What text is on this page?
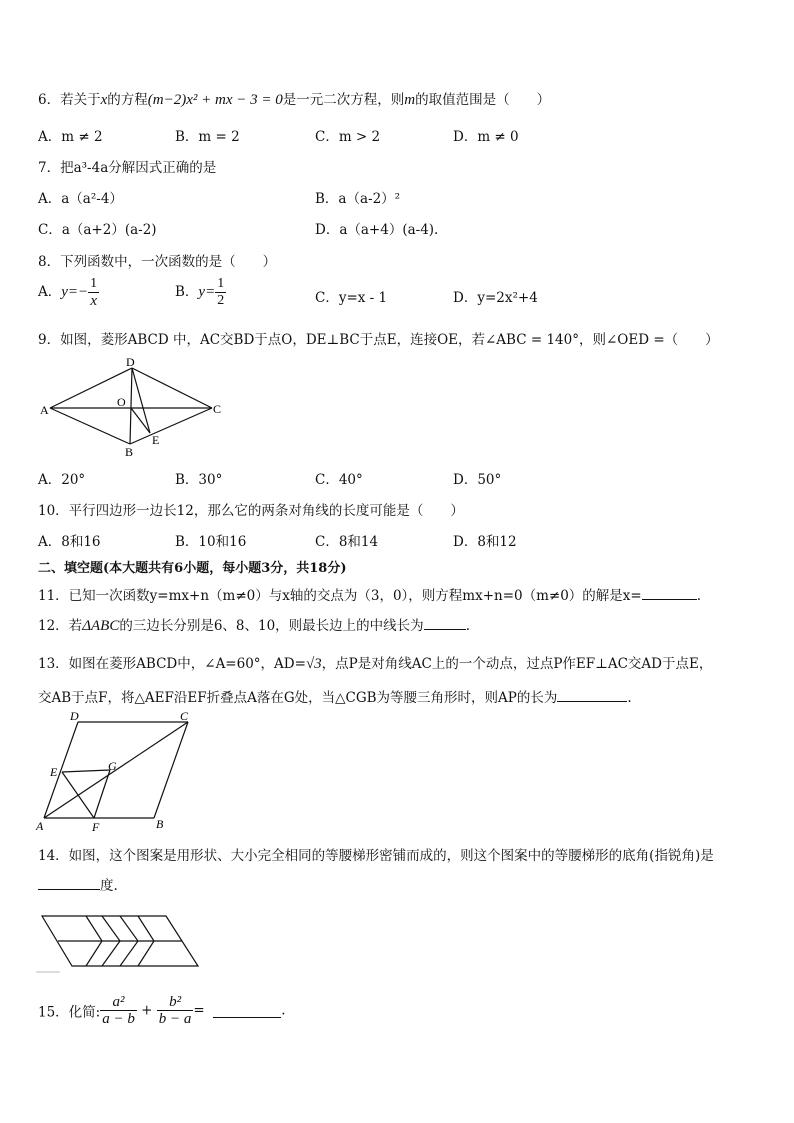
6．若关于x的方程(m−2)x² + mx − 3 = 0是一元二次方程，则m的取值范围是（　　）
A．m ≠ 2	B．m = 2	C．m > 2	D．m ≠ 0
7．把a³-4a分解因式正确的是
A．a（a²-4）	B．a（a-2）²
C．a（a+2）(a-2)	D．a（a+4）(a-4).
8．下列函数中，一次函数的是（　　）
A．$y=- \frac{1}{x}$	B．$y= \frac{1}{2}$	C．y=x - 1	D．y=2x²+4
9．如图，菱形ABCD 中，AC交BD于点O，DE⊥BC于点E，连接OE，若∠ABC = 140°，则∠OED =（　　）
A
D
C
B
O
E
A．20°	B．30°	C．40°	D．50°
10．平行四边形一边长12，那么它的两条对角线的长度可能是（　　）
A．8和16	B．10和16	C．8和14	D．8和12
二、填空题(本大题共有6小题，每小题3分，共18分)
11．已知一次函数y=mx+n（m≠0）与x轴的交点为（3，0），则方程mx+n=0（m≠0）的解是x=	.
12．若ΔABC的三边长分别是6、8、10，则最长边上的中线长为	.
13．如图在菱形ABCD中，∠A=60°，AD=√3，点P是对角线AC上的一个动点，过点P作EF⊥AC交AD于点E，
交AB于点F，将△AEF沿EF折叠点A落在G处，当△CGB为等腰三角形时，则AP的长为	.
D	C
E	G
A	F	B
14．如图，这个图案是用形状、大小完全相同的等腰梯形密铺而成的，则这个图案中的等腰梯形的底角(指锐角)是
度.
15．化简: $\frac{\text{a²}}{a - b} + \frac{\text{b²}}{b - a}$ =	.
